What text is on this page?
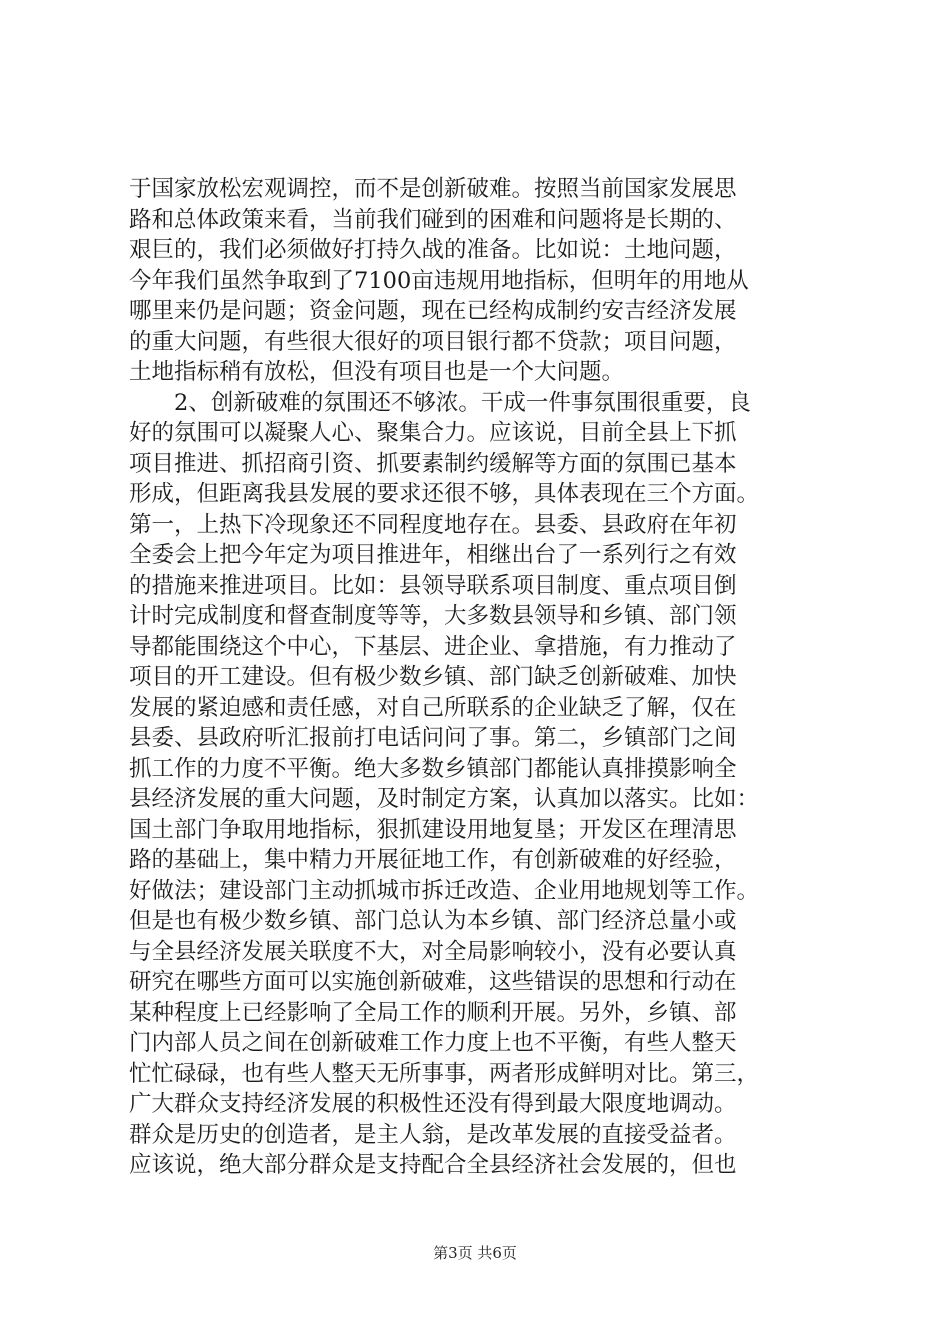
于国家放松宏观调控，而不是创新破难。按照当前国家发展思
路和总体政策来看，当前我们碰到的困难和问题将是长期的、
艰巨的，我们必须做好打持久战的准备。比如说：土地问题，
今年我们虽然争取到了7100亩违规用地指标，但明年的用地从
哪里来仍是问题；资金问题，现在已经构成制约安吉经济发展
的重大问题，有些很大很好的项目银行都不贷款；项目问题，
土地指标稍有放松，但没有项目也是一个大问题。
　　2、创新破难的氛围还不够浓。干成一件事氛围很重要，良
好的氛围可以凝聚人心、聚集合力。应该说，目前全县上下抓
项目推进、抓招商引资、抓要素制约缓解等方面的氛围已基本
形成，但距离我县发展的要求还很不够，具体表现在三个方面。
第一，上热下冷现象还不同程度地存在。县委、县政府在年初
全委会上把今年定为项目推进年，相继出台了一系列行之有效
的措施来推进项目。比如：县领导联系项目制度、重点项目倒
计时完成制度和督查制度等等，大多数县领导和乡镇、部门领
导都能围绕这个中心，下基层、进企业、拿措施，有力推动了
项目的开工建设。但有极少数乡镇、部门缺乏创新破难、加快
发展的紧迫感和责任感，对自己所联系的企业缺乏了解，仅在
县委、县政府听汇报前打电话问问了事。第二，乡镇部门之间
抓工作的力度不平衡。绝大多数乡镇部门都能认真排摸影响全
县经济发展的重大问题，及时制定方案，认真加以落实。比如：
国土部门争取用地指标，狠抓建设用地复垦；开发区在理清思
路的基础上，集中精力开展征地工作，有创新破难的好经验，
好做法；建设部门主动抓城市拆迁改造、企业用地规划等工作。
但是也有极少数乡镇、部门总认为本乡镇、部门经济总量小或
与全县经济发展关联度不大，对全局影响较小，没有必要认真
研究在哪些方面可以实施创新破难，这些错误的思想和行动在
某种程度上已经影响了全局工作的顺利开展。另外，乡镇、部
门内部人员之间在创新破难工作力度上也不平衡，有些人整天
忙忙碌碌，也有些人整天无所事事，两者形成鲜明对比。第三，
广大群众支持经济发展的积极性还没有得到最大限度地调动。
群众是历史的创造者，是主人翁，是改革发展的直接受益者。
应该说，绝大部分群众是支持配合全县经济社会发展的，但也
第3页 共6页
